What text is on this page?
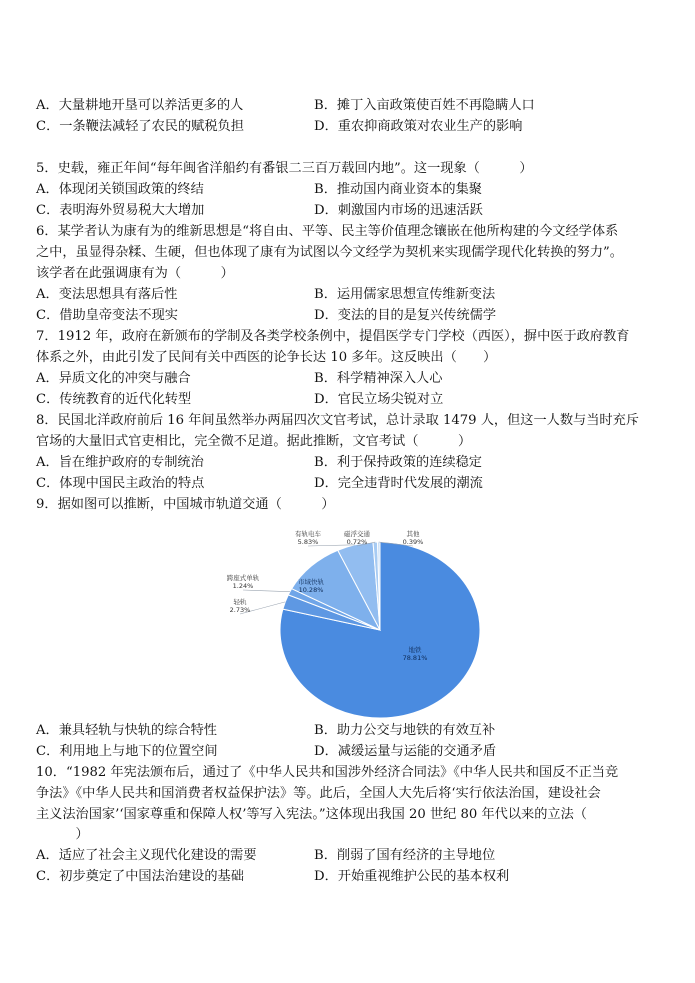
A．大量耕地开垦可以养活更多的人	B．摊丁入亩政策使百姓不再隐瞒人口
C．一条鞭法减轻了农民的赋税负担	D．重农抑商政策对农业生产的影响
5．史载，雍正年间“每年闽省洋船约有番银二三百万载回内地”。这一现象（　　　）
A．体现闭关锁国政策的终结	B．推动国内商业资本的集聚
C．表明海外贸易税大大增加	D．刺激国内市场的迅速活跃
6．某学者认为康有为的维新思想是“将自由、平等、民主等价值理念镶嵌在他所构建的今文经学体系
之中，虽显得杂糅、生硬，但也体现了康有为试图以今文经学为契机来实现儒学现代化转换的努力”。
该学者在此强调康有为（　　　）
A．变法思想具有落后性	B．运用儒家思想宣传维新变法
C．借助皇帝变法不现实	D．变法的目的是复兴传统儒学
7．1912 年，政府在新颁布的学制及各类学校条例中，提倡医学专门学校（西医），摒中医于政府教育
体系之外，由此引发了民间有关中西医的论争长达 10 多年。这反映出（　　）
A．异质文化的冲突与融合	B．科学精神深入人心
C．传统教育的近代化转型	D．官民立场尖锐对立
8．民国北洋政府前后 16 年间虽然举办两届四次文官考试，总计录取 1479 人，但这一人数与当时充斥
官场的大量旧式官吏相比，完全微不足道。据此推断，文官考试（　　　）
A．旨在维护政府的专制统治	B．利于保持政策的连续稳定
C．体现中国民主政治的特点	D．完全违背时代发展的潮流
9．据如图可以推断，中国城市轨道交通（　　　）
地铁
78.81%
轻轨
2.73%
跨座式单轨
1.24%	市域快轨
10.28%
有轨电车
5.83%
磁浮交通
0.72%
其他
0.39%
A．兼具轻轨与快轨的综合特性	B．助力公交与地铁的有效互补
C．利用地上与地下的位置空间	D．减缓运量与运能的交通矛盾
10．“1982 年宪法颁布后，通过了《中华人民共和国涉外经济合同法》《中华人民共和国反不正当竞
争法》《中华人民共和国消费者权益保护法》等。此后，全国人大先后将‘实行依法治国，建设社会
主义法治国家’‘国家尊重和保障人权’等写入宪法。”这体现出我国 20 世纪 80 年代以来的立法（
　　　）
A．适应了社会主义现代化建设的需要	B．削弱了国有经济的主导地位
C．初步奠定了中国法治建设的基础	D．开始重视维护公民的基本权利
